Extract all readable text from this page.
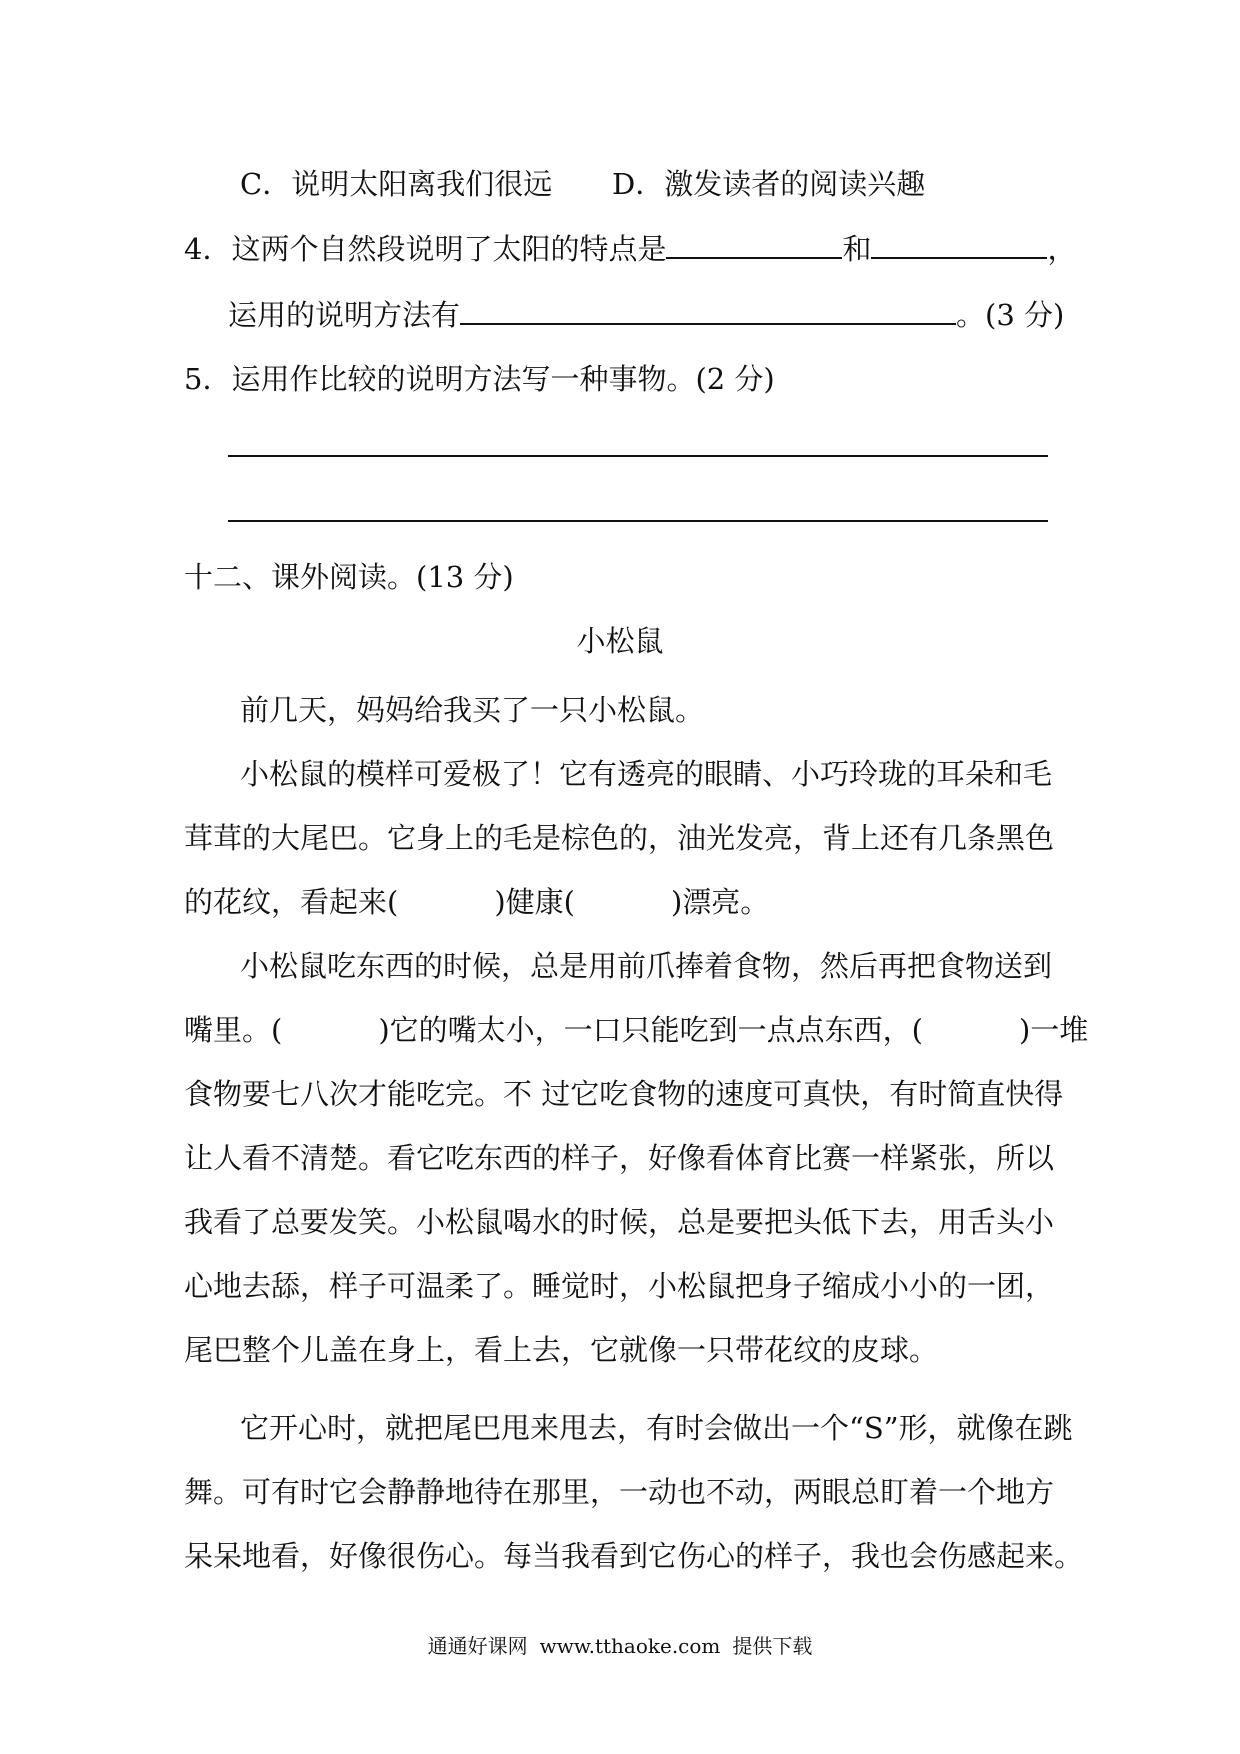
C．说明太阳离我们很远 D．激发读者的阅读兴趣
4．这两个自然段说明了太阳的特点是	和	，
运用的说明方法有	。(3 分)
5．运用作比较的说明方法写一种事物。(2 分)
十二、课外阅读。(13 分)
小松鼠
前几天，妈妈给我买了一只小松鼠。
小松鼠的模样可爱极了！它有透亮的眼睛、小巧玲珑的耳朵和毛
茸茸的大尾巴。它身上的毛是棕色的，油光发亮，背上还有几条黑色
的花纹，看起来(	)健康(	)漂亮。
小松鼠吃东西的时候，总是用前爪捧着食物，然后再把食物送到
嘴里。(	)它的嘴太小，一口只能吃到一点点东西，(	)一堆
食物要七八次才能吃完。不 过它吃食物的速度可真快，有时简直快得
让人看不清楚。看它吃东西的样子，好像看体育比赛一样紧张，所以
我看了总要发笑。小松鼠喝水的时候，总是要把头低下去，用舌头小
心地去舔，样子可温柔了。睡觉时，小松鼠把身子缩成小小的一团，
尾巴整个儿盖在身上，看上去，它就像一只带花纹的皮球。
它开心时，就把尾巴甩来甩去，有时会做出一个“S”形，就像在跳
舞。可有时它会静静地待在那里，一动也不动，两眼总盯着一个地方
呆呆地看，好像很伤心。每当我看到它伤心的样子，我也会伤感起来。
通通好课网 www.tthaoke.com 提供下载
